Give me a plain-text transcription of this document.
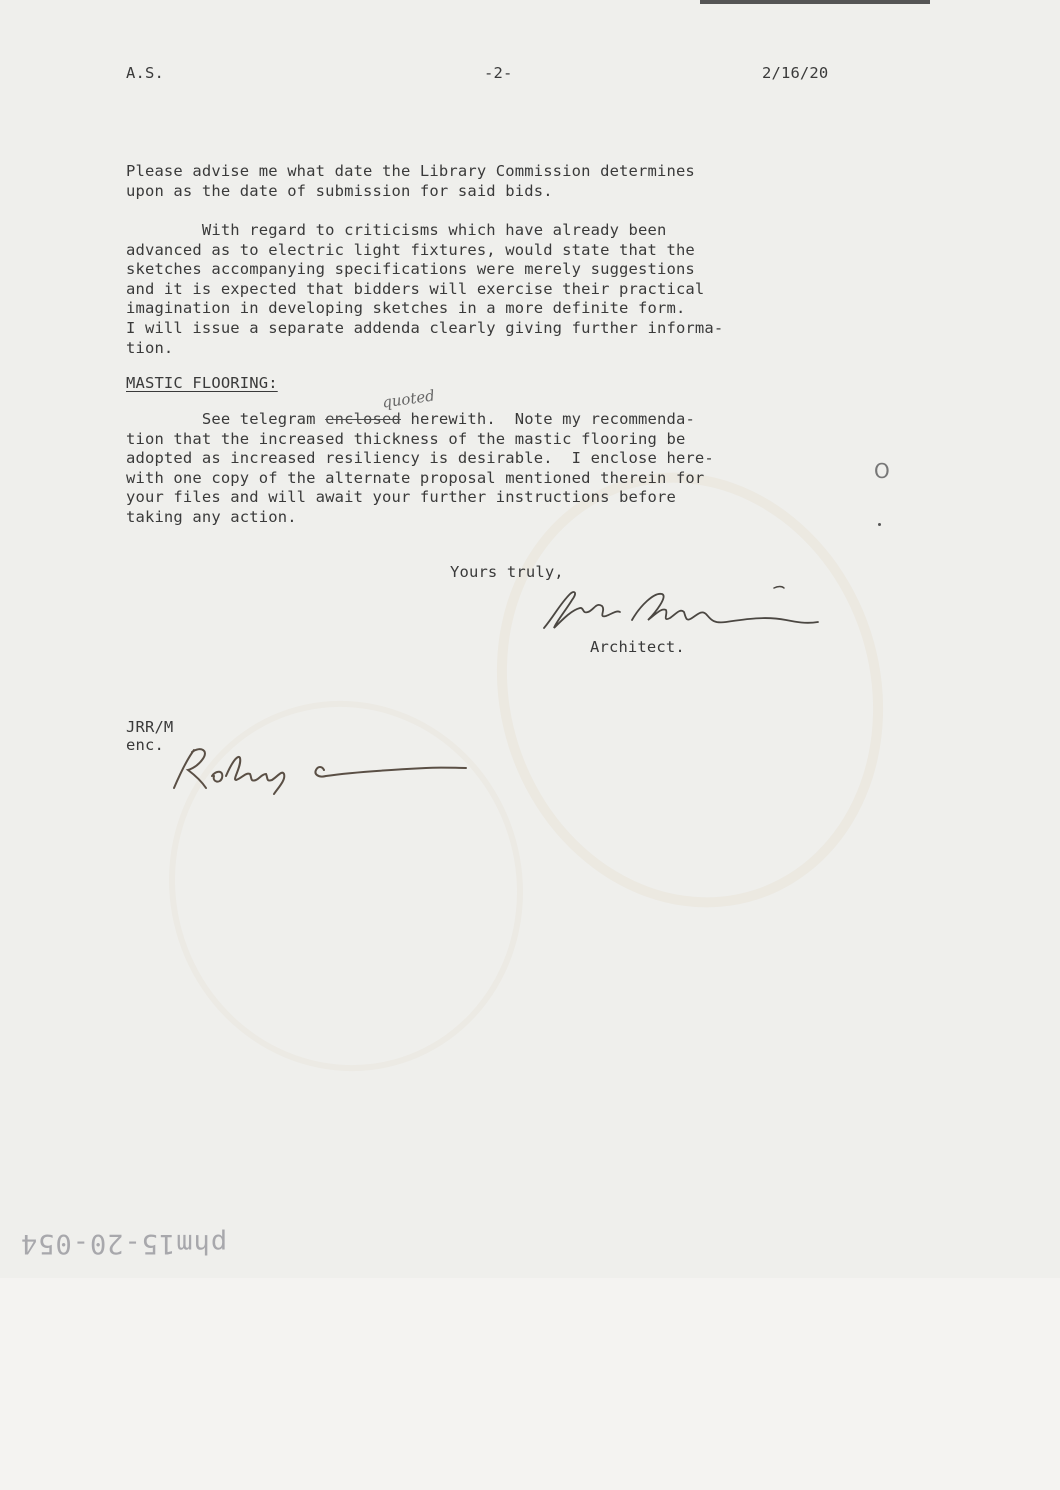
A.S.	-2-	2/16/20
Please advise me what date the Library Commission determines
upon as the date of submission for said bids.
With regard to criticisms which have already been
advanced as to electric light fixtures, would state that the
sketches accompanying specifications were merely suggestions
and it is expected that bidders will exercise their practical
imagination in developing sketches in a more definite form.
I will issue a separate addenda clearly giving further informa-
tion.
MASTIC FLOORING:
See telegram enclosed herewith.  Note my recommenda-
tion that the increased thickness of the mastic flooring be
adopted as increased resiliency is desirable.  I enclose here-
with one copy of the alternate proposal mentioned therein for
your files and will await your further instructions before
taking any action.
quoted
O
Yours truly,
Architect.
JRR/M
enc.
phm15-20-054
